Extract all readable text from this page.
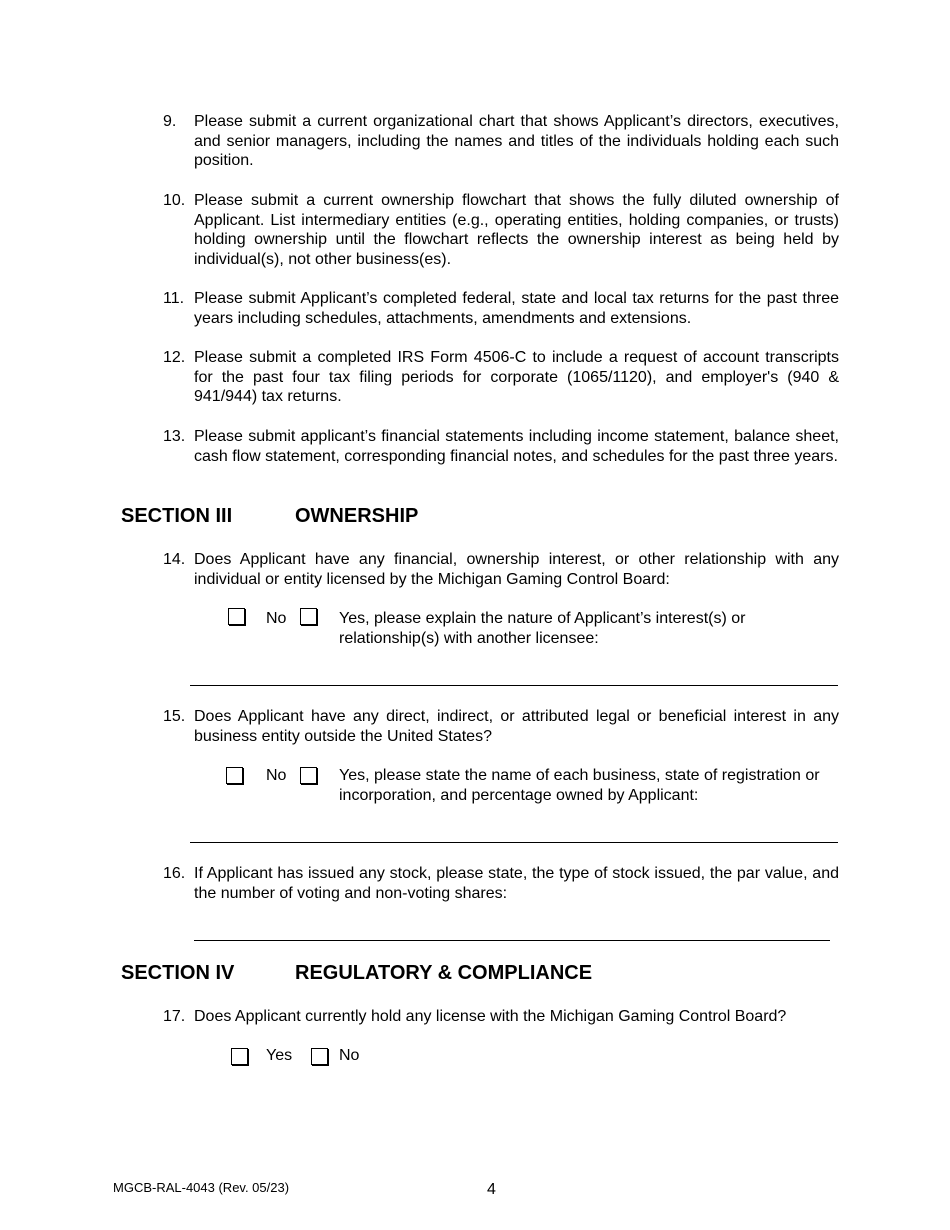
9.	Please submit a current organizational chart that shows Applicant’s directors, executives, and senior managers, including the names and titles of the individuals holding each such position.
10. Please submit a current ownership flowchart that shows the fully diluted ownership of Applicant. List intermediary entities (e.g., operating entities, holding companies, or trusts) holding ownership until the flowchart reflects the ownership interest as being held by individual(s), not other business(es).
11. Please submit Applicant’s completed federal, state and local tax returns for the past three years including schedules, attachments, amendments and extensions.
12. Please submit a completed IRS Form 4506-C to include a request of account transcripts for the past four tax filing periods for corporate (1065/1120), and employer's (940 & 941/944) tax returns.
13. Please submit applicant’s financial statements including income statement, balance sheet, cash flow statement, corresponding financial notes, and schedules for the past three years.
SECTION III	OWNERSHIP
14. Does Applicant have any financial, ownership interest, or other relationship with any individual or entity licensed by the Michigan Gaming Control Board:
No	Yes, please explain the nature of Applicant’s interest(s) or relationship(s) with another licensee:
15. Does Applicant have any direct, indirect, or attributed legal or beneficial interest in any business entity outside the United States?
No	Yes, please state the name of each business, state of registration or incorporation, and percentage owned by Applicant:
16. If Applicant has issued any stock, please state, the type of stock issued, the par value, and the number of voting and non-voting shares:
SECTION IV	REGULATORY & COMPLIANCE
17. Does Applicant currently hold any license with the Michigan Gaming Control Board?
Yes	No
MGCB-RAL-4043 (Rev. 05/23)	4
